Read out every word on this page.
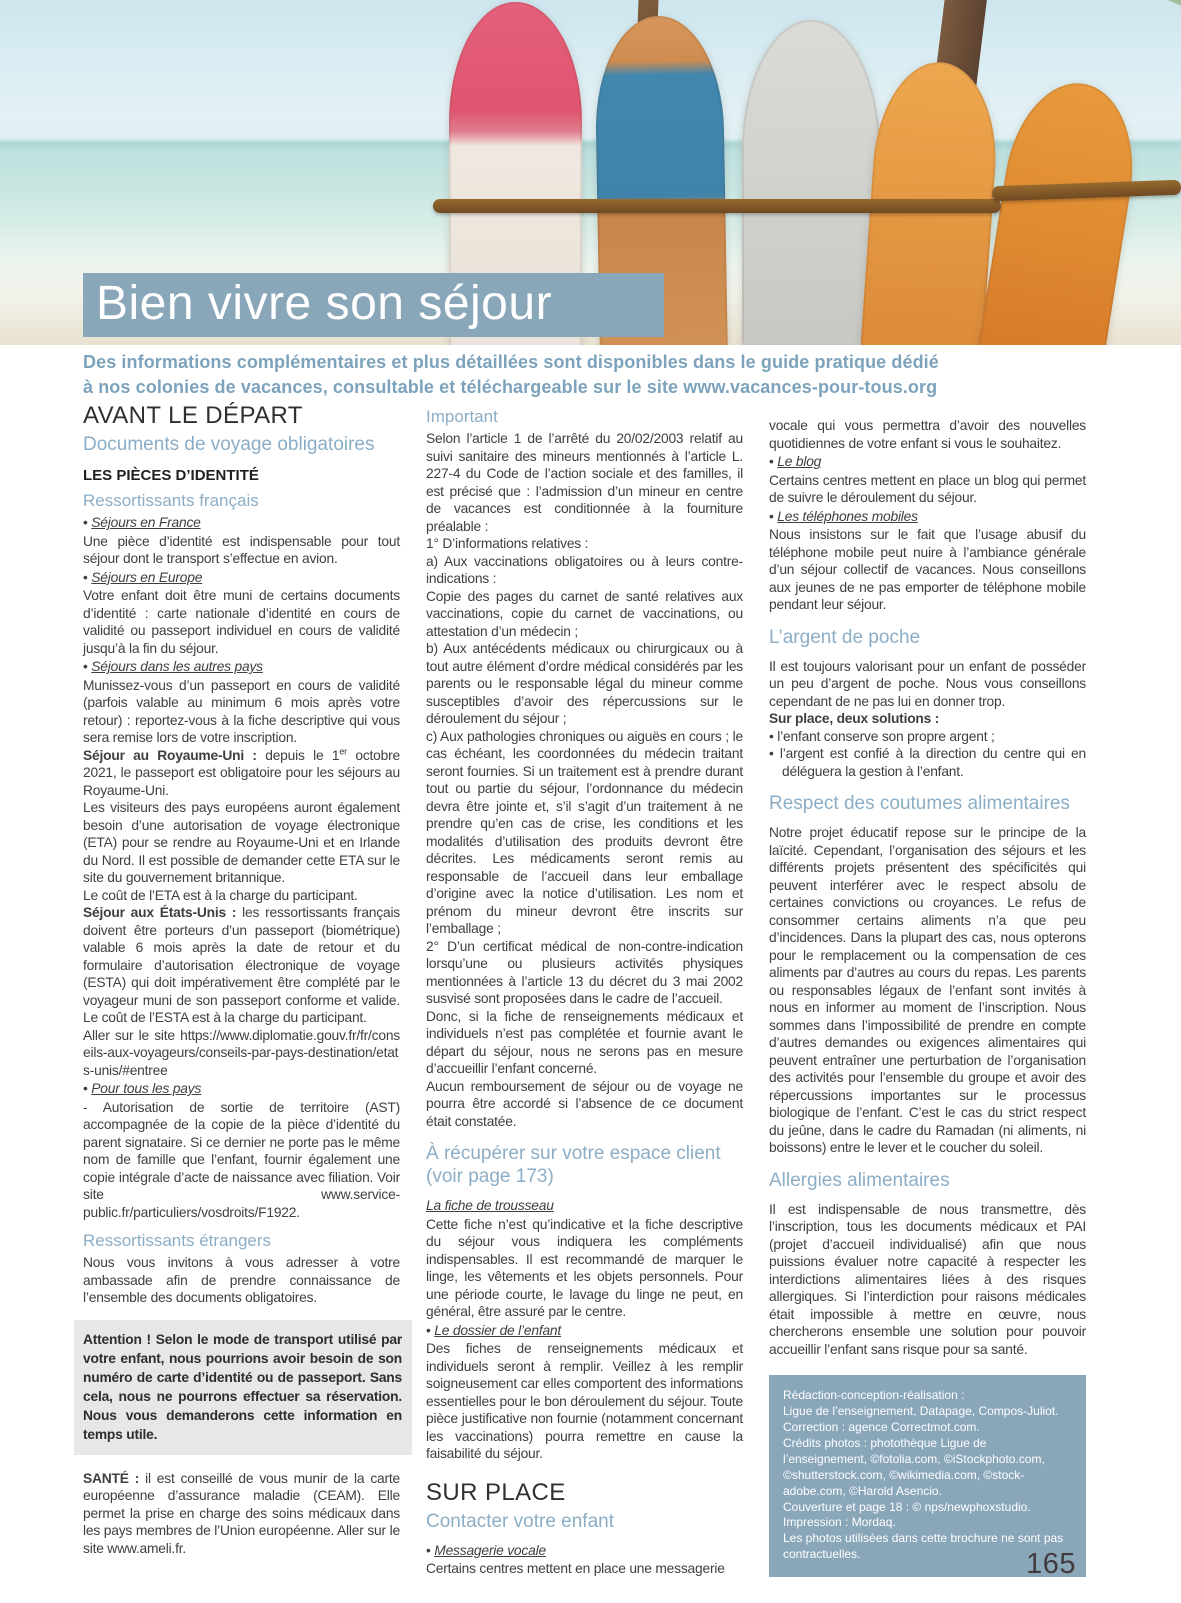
Bien vivre son séjour
Des informations complémentaires et plus détaillées sont disponibles dans le guide pratique dédié
à nos colonies de vacances, consultable et téléchargeable sur le site www.vacances-pour-tous.org
AVANT LE DÉPART
Documents de voyage obligatoires
LES PIÈCES D’IDENTITÉ
Ressortissants français
• Séjours en France

Une pièce d’identité est indispensable pour tout séjour dont le transport s’effectue en avion.

• Séjours en Europe

Votre enfant doit être muni de certains documents d’identité : carte nationale d’identité en cours de validité ou passeport individuel en cours de validité jusqu’à la fin du séjour.

• Séjours dans les autres pays

Munissez-vous d’un passeport en cours de validité (parfois valable au minimum 6 mois après votre retour) : reportez-vous à la fiche descriptive qui vous sera remise lors de votre inscription.

Séjour au Royaume-Uni : depuis le 1er octobre 2021, le passeport est obligatoire pour les séjours au Royaume-Uni.

Les visiteurs des pays européens auront également besoin d’une autorisation de voyage électronique (ETA) pour se rendre au Royaume-Uni et en Irlande du Nord. Il est possible de demander cette ETA sur le site du gouvernement britannique.

Le coût de l’ETA est à la charge du participant.

Séjour aux États-Unis : les ressortissants français doivent être porteurs d’un passeport (biométrique) valable 6 mois après la date de retour et du formulaire d’autorisation électronique de voyage (ESTA) qui doit impérativement être complété par le voyageur muni de son passeport conforme et valide. Le coût de l’ESTA est à la charge du participant.

Aller sur le site https://www.diplomatie.gouv.fr/fr/conseils-aux-voyageurs/conseils-par-pays-destination/etats-unis/#entree

• Pour tous les pays

- Autorisation de sortie de territoire (AST) accompagnée de la copie de la pièce d’identité du parent signataire. Si ce dernier ne porte pas le même nom de famille que l’enfant, fournir également une copie intégrale d’acte de naissance avec filiation. Voir site www.service-public.fr/particuliers/vosdroits/F1922.

Ressortissants étrangers

Nous vous invitons à vous adresser à votre ambassade afin de prendre connaissance de l’ensemble des documents obligatoires.

Attention ! Selon le mode de transport utilisé par votre enfant, nous pourrions avoir besoin de son numéro de carte d’identité ou de passeport. Sans cela, nous ne pourrons effectuer sa réservation. Nous vous demanderons cette information en temps utile.

SANTÉ : il est conseillé de vous munir de la carte européenne d’assurance maladie (CEAM). Elle permet la prise en charge des soins médicaux dans les pays membres de l’Union européenne. Aller sur le site www.ameli.fr.

Important

Selon l’article 1 de l’arrêté du 20/02/2003 relatif au suivi sanitaire des mineurs mentionnés à l’article L. 227-4 du Code de l’action sociale et des familles, il est précisé que : l’admission d’un mineur en centre de vacances est conditionnée à la fourniture préalable :

1° D’informations relatives :

a) Aux vaccinations obligatoires ou à leurs contre-indications :

Copie des pages du carnet de santé relatives aux vaccinations, copie du carnet de vaccinations, ou attestation d’un médecin ;

b) Aux antécédents médicaux ou chirurgicaux ou à tout autre élément d’ordre médical considérés par les parents ou le responsable légal du mineur comme susceptibles d’avoir des répercussions sur le déroulement du séjour ;

c) Aux pathologies chroniques ou aiguës en cours ; le cas échéant, les coordonnées du médecin traitant seront fournies. Si un traitement est à prendre durant tout ou partie du séjour, l’ordonnance du médecin devra être jointe et, s’il s’agit d’un traitement à ne prendre qu’en cas de crise, les conditions et les modalités d’utilisation des produits devront être décrites. Les médicaments seront remis au responsable de l’accueil dans leur emballage d’origine avec la notice d’utilisation. Les nom et prénom du mineur devront être inscrits sur l’emballage ;

2° D’un certificat médical de non-contre-indication lorsqu’une ou plusieurs activités physiques mentionnées à l’article 13 du décret du 3 mai 2002 susvisé sont proposées dans le cadre de l’accueil.

Donc, si la fiche de renseignements médicaux et individuels n’est pas complétée et fournie avant le départ du séjour, nous ne serons pas en mesure d’accueillir l’enfant concerné.

Aucun remboursement de séjour ou de voyage ne pourra être accordé si l’absence de ce document était constatée.

À récupérer sur votre espace client (voir page 173)
La fiche de trousseau

Cette fiche n’est qu’indicative et la fiche descriptive du séjour vous indiquera les compléments indispensables. Il est recommandé de marquer le linge, les vêtements et les objets personnels. Pour une période courte, le lavage du linge ne peut, en général, être assuré par le centre.

• Le dossier de l’enfant

Des fiches de renseignements médicaux et individuels seront à remplir. Veillez à les remplir soigneusement car elles comportent des informations essentielles pour le bon déroulement du séjour. Toute pièce justificative non fournie (notamment concernant les vaccinations) pourra remettre en cause la faisabilité du séjour.

SUR PLACE
Contacter votre enfant
• Messagerie vocale

Certains centres mettent en place une messagerie

vocale qui vous permettra d’avoir des nouvelles quotidiennes de votre enfant si vous le souhaitez.

• Le blog

Certains centres mettent en place un blog qui permet de suivre le déroulement du séjour.

• Les téléphones mobiles

Nous insistons sur le fait que l’usage abusif du téléphone mobile peut nuire à l’ambiance générale d’un séjour collectif de vacances. Nous conseillons aux jeunes de ne pas emporter de téléphone mobile pendant leur séjour.

L’argent de poche

Il est toujours valorisant pour un enfant de posséder un peu d’argent de poche. Nous vous conseillons cependant de ne pas lui en donner trop.

Sur place, deux solutions :

• l’enfant conserve son propre argent ;

• l’argent est confié à la direction du centre qui en déléguera la gestion à l’enfant.

Respect des coutumes alimentaires

Notre projet éducatif repose sur le principe de la laïcité. Cependant, l’organisation des séjours et les différents projets présentent des spécificités qui peuvent interférer avec le respect absolu de certaines convictions ou croyances. Le refus de consommer certains aliments n’a que peu d’incidences. Dans la plupart des cas, nous opterons pour le remplacement ou la compensation de ces aliments par d’autres au cours du repas. Les parents ou responsables légaux de l’enfant sont invités à nous en informer au moment de l’inscription. Nous sommes dans l’impossibilité de prendre en compte d’autres demandes ou exigences alimentaires qui peuvent entraîner une perturbation de l’organisation des activités pour l’ensemble du groupe et avoir des répercussions importantes sur le processus biologique de l’enfant. C’est le cas du strict respect du jeûne, dans le cadre du Ramadan (ni aliments, ni boissons) entre le lever et le coucher du soleil.

Allergies alimentaires

Il est indispensable de nous transmettre, dès l’inscription, tous les documents médicaux et PAI (projet d’accueil individualisé) afin que nous puissions évaluer notre capacité à respecter les interdictions alimentaires liées à des risques allergiques. Si l’interdiction pour raisons médicales était impossible à mettre en œuvre, nous chercherons ensemble une solution pour pouvoir accueillir l’enfant sans risque pour sa santé.

Rédaction-conception-réalisation :

Ligue de l’enseignement, Datapage, Compos-Juliot.

Correction : agence Correctmot.com.

Crédits photos : photothèque Ligue de l’enseignement, ©fotolia.com, ©iStockphoto.com, ©shutterstock.com, ©wikimedia.com, ©stock-adobe.com, ©Harold Asencio.

Couverture et page 18 : © nps/newphoxstudio.

Impression : Mordaq.

Les photos utilisées dans cette brochure ne sont pas contractuelles.	165
